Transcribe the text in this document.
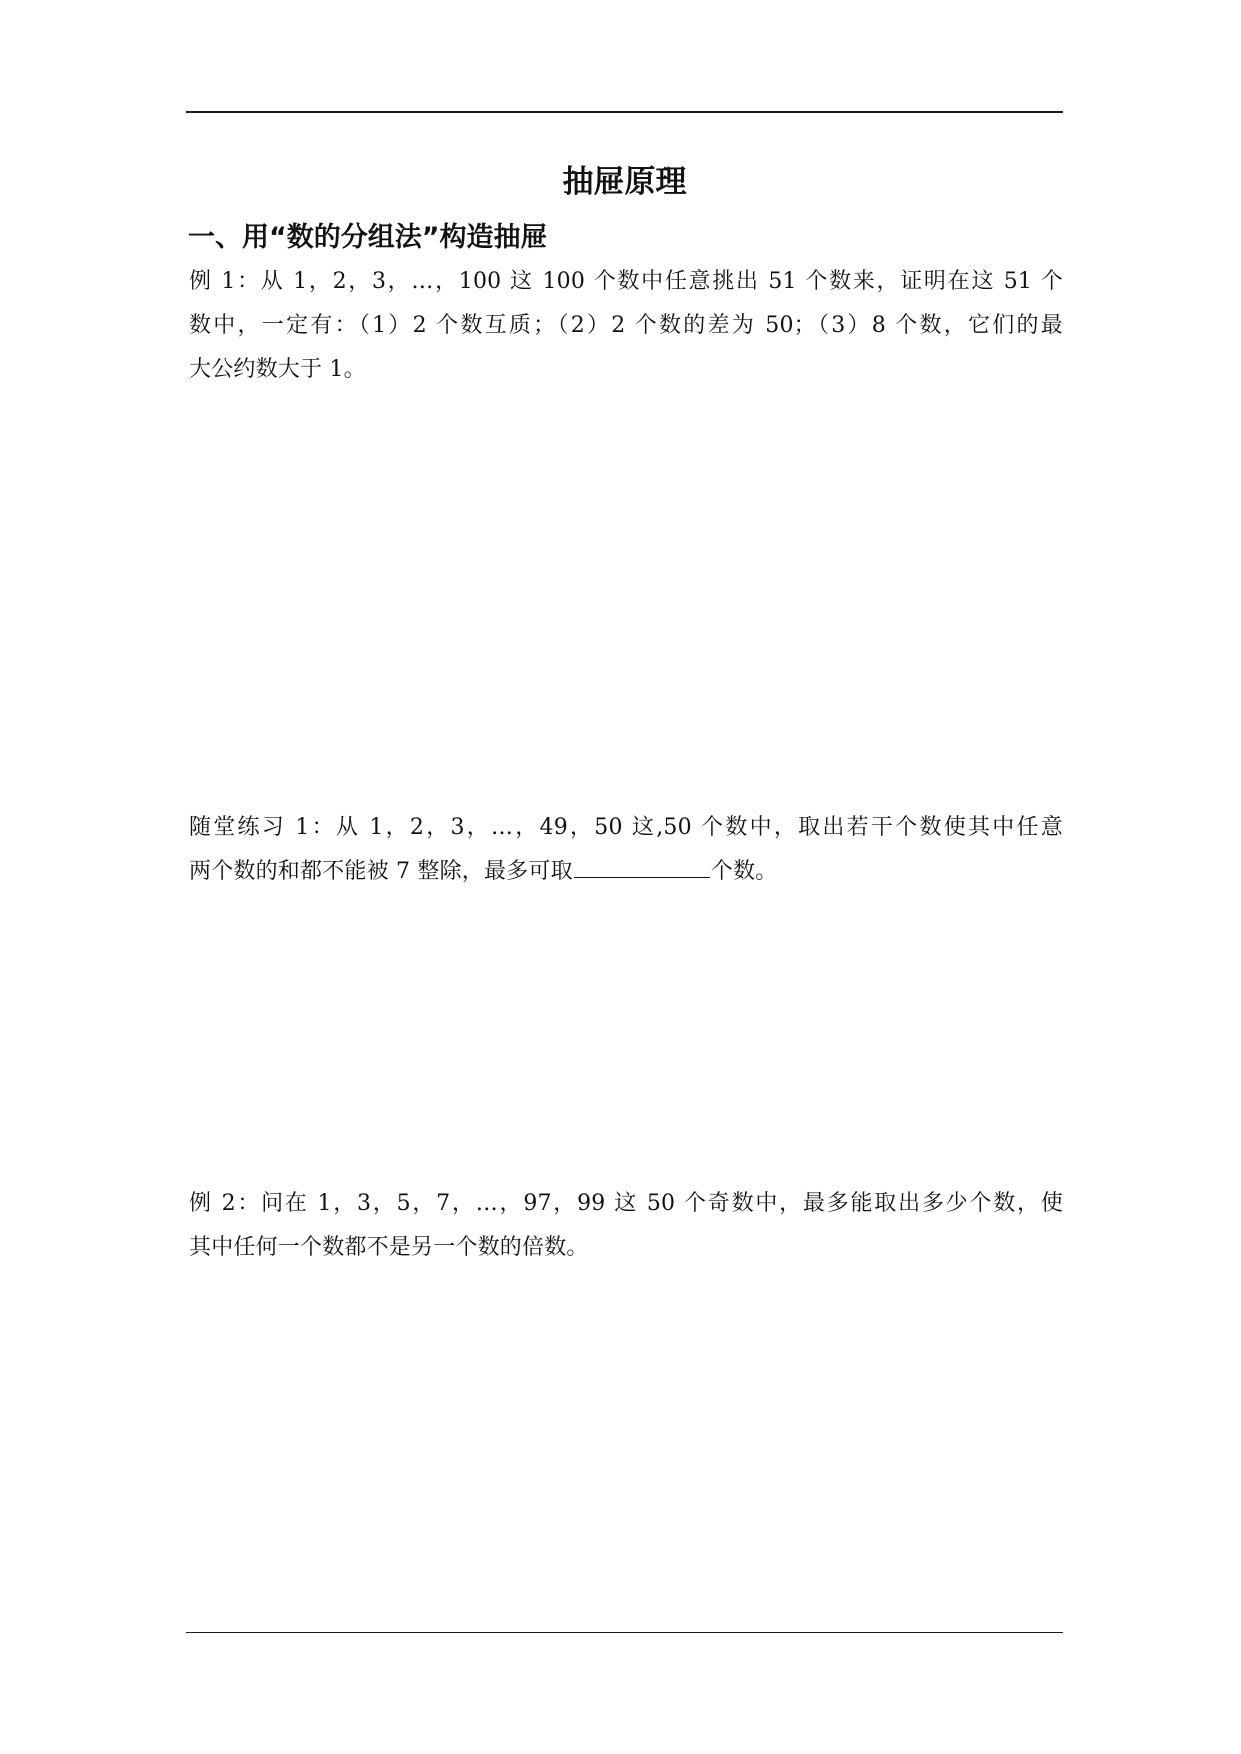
抽屉原理
一、用“数的分组法”构造抽屉
例 1：从 1，2，3，…，100 这 100 个数中任意挑出 51 个数来，证明在这 51 个
数中，一定有：（1）2 个数互质；（2）2 个数的差为 50；（3）8 个数，它们的最
大公约数大于 1。
随堂练习 1：从 1，2，3，…，49，50 这,50 个数中，取出若干个数使其中任意
两个数的和都不能被 7 整除，最多可取	个数。
例 2：问在 1，3，5，7，…，97，99 这 50 个奇数中，最多能取出多少个数，使
其中任何一个数都不是另一个数的倍数。
